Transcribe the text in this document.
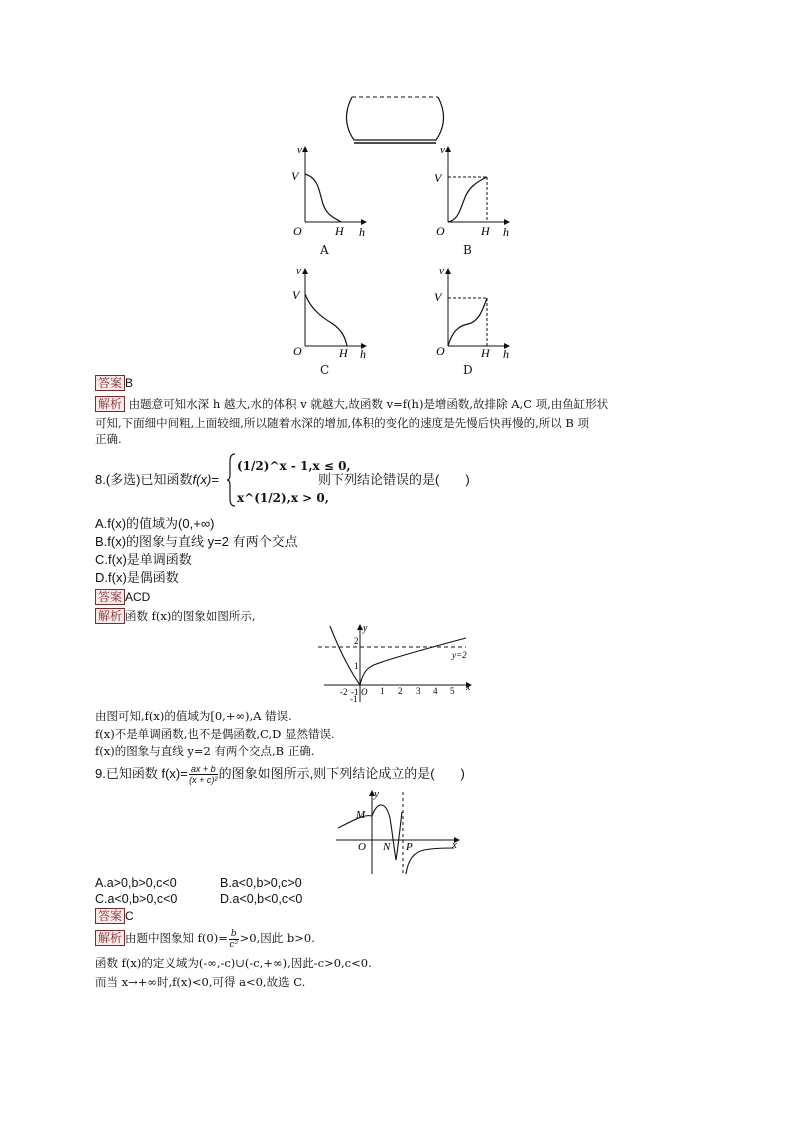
v
V
O	H h
A
v
V
O	H h
B
v
V
O	H h
C
v
V
O	H h
D
答案 B
解析 由题意可知水深 h 越大,水的体积 v 就越大,故函数 v=f(h)是增函数,故排除 A,C 项,由鱼缸形状
可知,下面细中间粗,上面较细,所以随着水深的增加,体积的变化的速度是先慢后快再慢的,所以 B 项
正确.
8.(多选)已知函数f(x)=
(1/2)^x - 1,x ≤ 0,
x^(1/2),x > 0,
则下列结论错误的是(　　)
A.f(x)的值域为(0,+∞)
B.f(x)的图象与直线 y=2 有两个交点
C.f(x)是单调函数
D.f(x)是偶函数
答案 ACD
解析 函数 f(x)的图象如图所示,
-2 -1 1 2 3 4 5
2
1
-1
O	x
y
y=2
由图可知,f(x)的值域为[0,+∞),A 错误.
f(x)不是单调函数,也不是偶函数,C,D 显然错误.
f(x)的图象与直线 y=2 有两个交点,B 正确.
9.已知函数 $f(x)= \frac{ax + b}{\text{(x + c)²}}$ 的图象如图所示,则下列结论成立的是(　　)
y
M
O N P	x
A.a>0,b>0,c<0	B.a<0,b>0,c>0
C.a<0,b>0,c<0	D.a<0,b<0,c<0
答案 C
解析 由题中图象知 $f(0)= \frac{b}{\text{c²}} >0$,因此 b>0.
函数 f(x)的定义域为(-∞,-c)∪(-c,+∞),因此-c>0,c<0.
而当 x→+∞时,f(x)<0,可得 a<0,故选 C.
